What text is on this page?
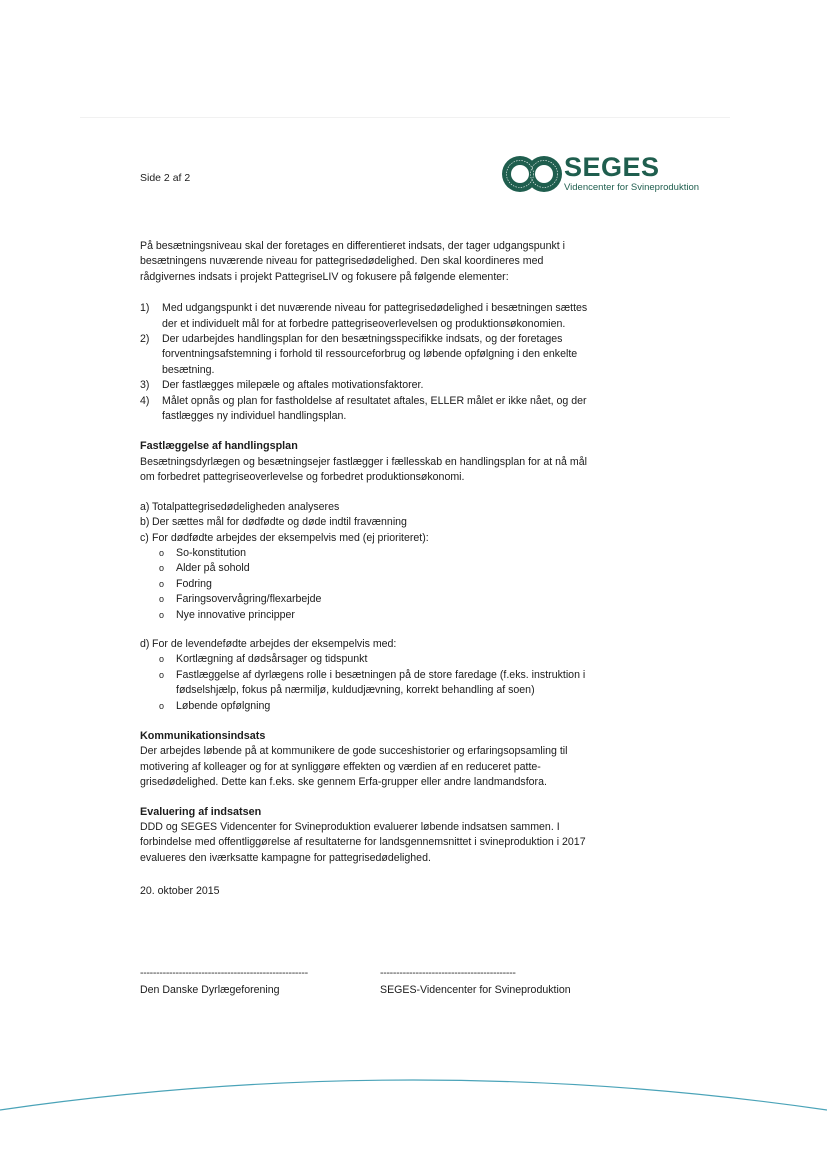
Side 2 af 2	SEGES
Videncenter for Svineproduktion

På besætningsniveau skal der foretages en differentieret indsats, der tager udgangspunkt i besætningens nuværende niveau for pattegrisedødelighed. Den skal koordineres med rådgivernes indsats i projekt PattegriseLIV og fokusere på følgende elementer:

1) Med udgangspunkt i det nuværende niveau for pattegrisedødelighed i besætningen sættes der et individuelt mål for at forbedre pattegriseoverlevelsen og produktionsøkonomien.
2) Der udarbejdes handlingsplan for den besætningsspecifikke indsats, og der foretages forventningsafstemning i forhold til ressourceforbrug og løbende opfølgning i den enkelte besætning.
3) Der fastlægges milepæle og aftales motivationsfaktorer.
4) Målet opnås og plan for fastholdelse af resultatet aftales, ELLER målet er ikke nået, og der fastlægges ny individuel handlingsplan.
Fastlæggelse af handlingsplan

Besætningsdyrlægen og besætningsejer fastlægger i fællesskab en handlingsplan for at nå mål om forbedret pattegriseoverlevelse og forbedret produktionsøkonomi.

a) Totalpattegrisedødeligheden analyseres
b) Der sættes mål for dødfødte og døde indtil fravænning
c) For dødfødte arbejdes der eksempelvis med (ej prioriteret):
o So-konstitution
o Alder på sohold
o Fodring
o Faringsovervågring/flexarbejde
o Nye innovative principper
d) For de levendefødte arbejdes der eksempelvis med:
o Kortlægning af dødsårsager og tidspunkt
o Fastlæggelse af dyrlægens rolle i besætningen på de store faredage (f.eks. instruktion i fødselshjælp, fokus på nærmiljø, kuldudjævning, korrekt behandling af soen)
o Løbende opfølgning
Kommunikationsindsats

Der arbejdes løbende på at kommunikere de gode succeshistorier og erfaringsopsamling til motivering af kolleager og for at synliggøre effekten og værdien af en reduceret pattegrisedødelighed. Dette kan f.eks. ske gennem Erfa-grupper eller andre landmandsfora.

Evaluering af indsatsen

DDD og SEGES Videncenter for Svineproduktion evaluerer løbende indsatsen sammen. I forbindelse med offentliggørelse af resultaterne for landsgennemsnittet i svineproduktion i 2017 evalueres den iværksatte kampagne for pattegrisedødelighed.

20. oktober 2015

----------------------------------------------------
Den Danske Dyrlægeforening
------------------------------------------
SEGES-Videncenter for Svineproduktion
